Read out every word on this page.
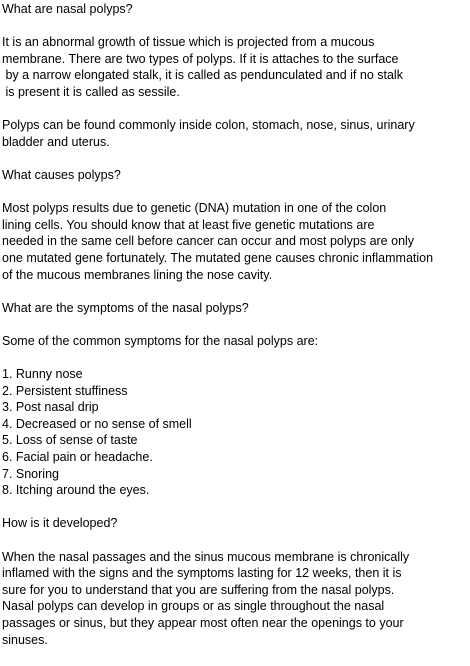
What are nasal polyps?
It is an abnormal growth of tissue which is projected from a mucous
membrane. There are two types of polyps. If it is attaches to the surface
by a narrow elongated stalk, it is called as pendunculated and if no stalk
is present it is called as sessile.
Polyps can be found commonly inside colon, stomach, nose, sinus, urinary
bladder and uterus.
What causes polyps?
Most polyps results due to genetic (DNA) mutation in one of the colon
lining cells. You should know that at least five genetic mutations are
needed in the same cell before cancer can occur and most polyps are only
one mutated gene fortunately. The mutated gene causes chronic inflammation
of the mucous membranes lining the nose cavity.
What are the symptoms of the nasal polyps?
Some of the common symptoms for the nasal polyps are:
1. Runny nose
2. Persistent stuffiness
3. Post nasal drip
4. Decreased or no sense of smell
5. Loss of sense of taste
6. Facial pain or headache.
7. Snoring
8. Itching around the eyes.
How is it developed?
When the nasal passages and the sinus mucous membrane is chronically
inflamed with the signs and the symptoms lasting for 12 weeks, then it is
sure for you to understand that you are suffering from the nasal polyps.
Nasal polyps can develop in groups or as single throughout the nasal
passages or sinus, but they appear most often near the openings to your
sinuses.
